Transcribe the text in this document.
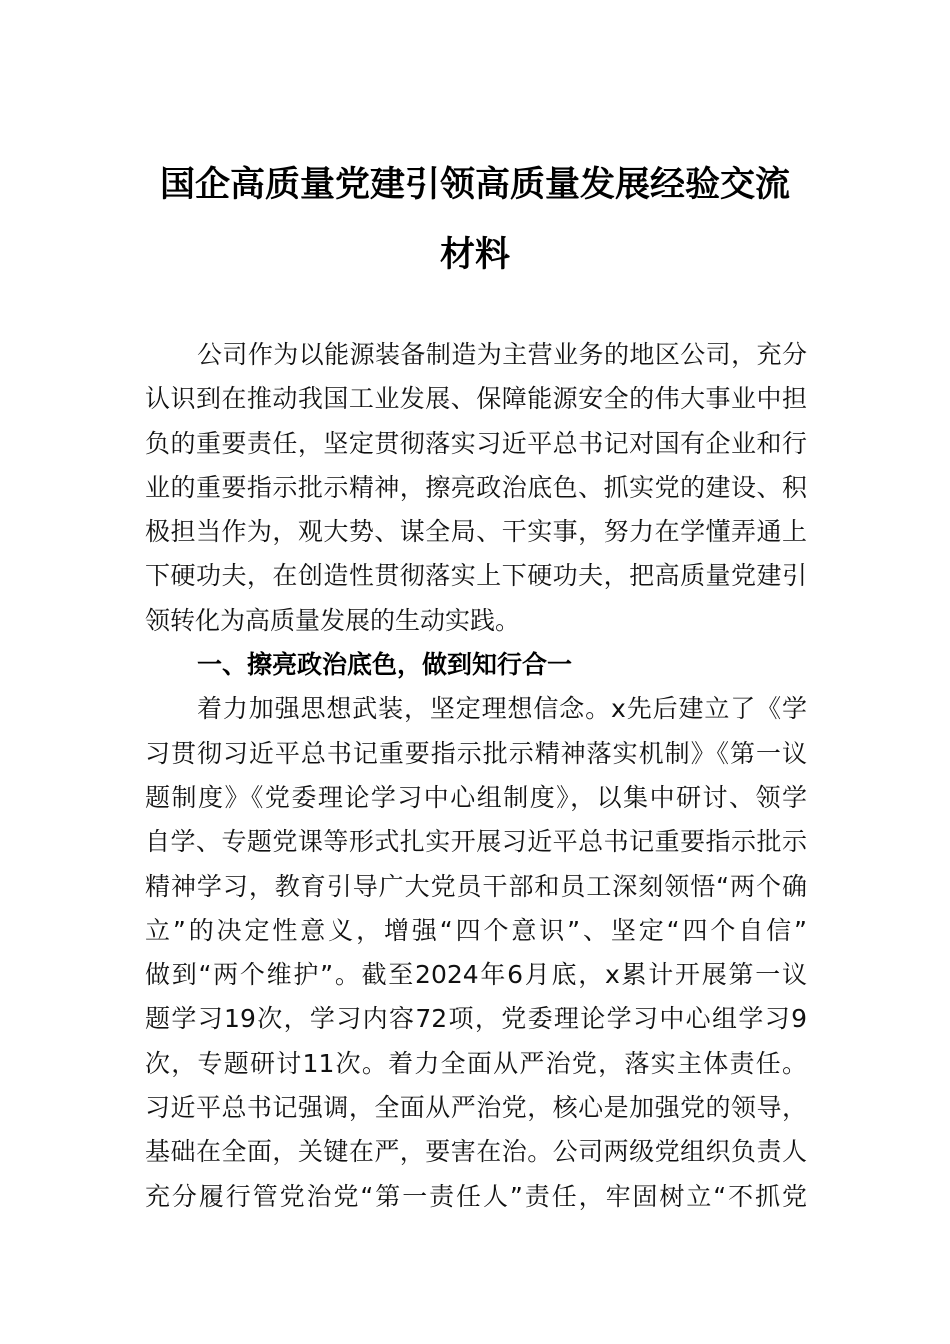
国企高质量党建引领高质量发展经验交流
材料
公司作为以能源装备制造为主营业务的地区公司，充分
认识到在推动我国工业发展、保障能源安全的伟大事业中担
负的重要责任，坚定贯彻落实习近平总书记对国有企业和行
业的重要指示批示精神，擦亮政治底色、抓实党的建设、积
极担当作为，观大势、谋全局、干实事，努力在学懂弄通上
下硬功夫，在创造性贯彻落实上下硬功夫，把高质量党建引
领转化为高质量发展的生动实践。
一、擦亮政治底色，做到知行合一
着力加强思想武装，坚定理想信念。x先后建立了《学
习贯彻习近平总书记重要指示批示精神落实机制》《第一议
题制度》《党委理论学习中心组制度》，以集中研讨、领学
自学、专题党课等形式扎实开展习近平总书记重要指示批示
精神学习，教育引导广大党员干部和员工深刻领悟“两个确
立”的决定性意义，增强“四个意识”、坚定“四个自信”
做到“两个维护”。截至2024年6月底，x累计开展第一议
题学习19次，学习内容72项，党委理论学习中心组学习9
次，专题研讨11次。着力全面从严治党，落实主体责任。
习近平总书记强调，全面从严治党，核心是加强党的领导，
基础在全面，关键在严，要害在治。公司两级党组织负责人
充分履行管党治党“第一责任人”责任，牢固树立“不抓党
